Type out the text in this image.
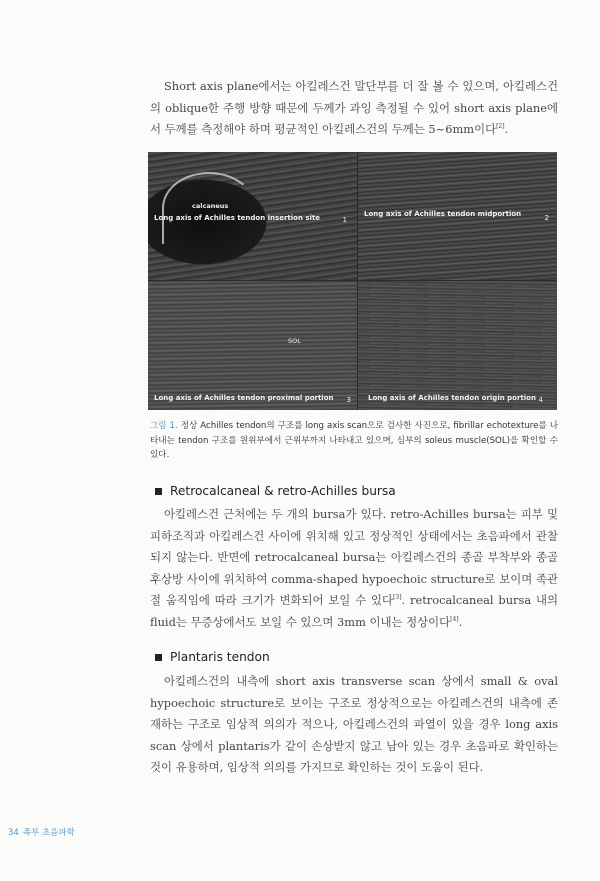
Short axis plane에서는 아킬레스건 말단부를 더 잘 볼 수 있으며, 아킬레스건의 oblique한 주행 방향 때문에 두께가 과잉 측정될 수 있어 short axis plane에서 두께를 측정해야 하며 평균적인 아킬레스건의 두께는 5~6mm이다[2].

calcaneus
Long axis of Achilles tendon insertion site	1
Long axis of Achilles tendon midportion	2
SOL
Long axis of Achilles tendon proximal portion 3 Long axis of Achilles tendon origin portion 4

그림 1. 정상 Achilles tendon의 구조를 long axis scan으로 검사한 사진으로, fibrillar echotexture를 나타내는 tendon 구조를 원위부에서 근위부까지 나타내고 있으며, 심부의 soleus muscle(SOL)을 확인할 수 있다.

Retrocalcaneal & retro-Achilles bursa

아킬레스건 근처에는 두 개의 bursa가 있다. retro-Achilles bursa는 피부 및 피하조직과 아킬레스건 사이에 위치해 있고 정상적인 상태에서는 초음파에서 관찰되지 않는다. 반면에 retrocalcaneal bursa는 아킬레스건의 종골 부착부와 종골 후상방 사이에 위치하여 comma-shaped hypoechoic structure로 보이며 족관절 움직임에 따라 크기가 변화되어 보일 수 있다[3]. retrocalcaneal bursa 내의 fluid는 무증상에서도 보일 수 있으며 3mm 이내는 정상이다[4].

Plantaris tendon

아킬레스건의 내측에 short axis transverse scan 상에서 small & oval hypoechoic structure로 보이는 구조로 정상적으로는 아킬레스건의 내측에 존재하는 구조로 임상적 의의가 적으나, 아킬레스건의 파열이 있을 경우 long axis scan 상에서 plantaris가 같이 손상받지 않고 남아 있는 경우 초음파로 확인하는 것이 유용하며, 임상적 의의를 가지므로 확인하는 것이 도움이 된다.

34 족부 초음파학
